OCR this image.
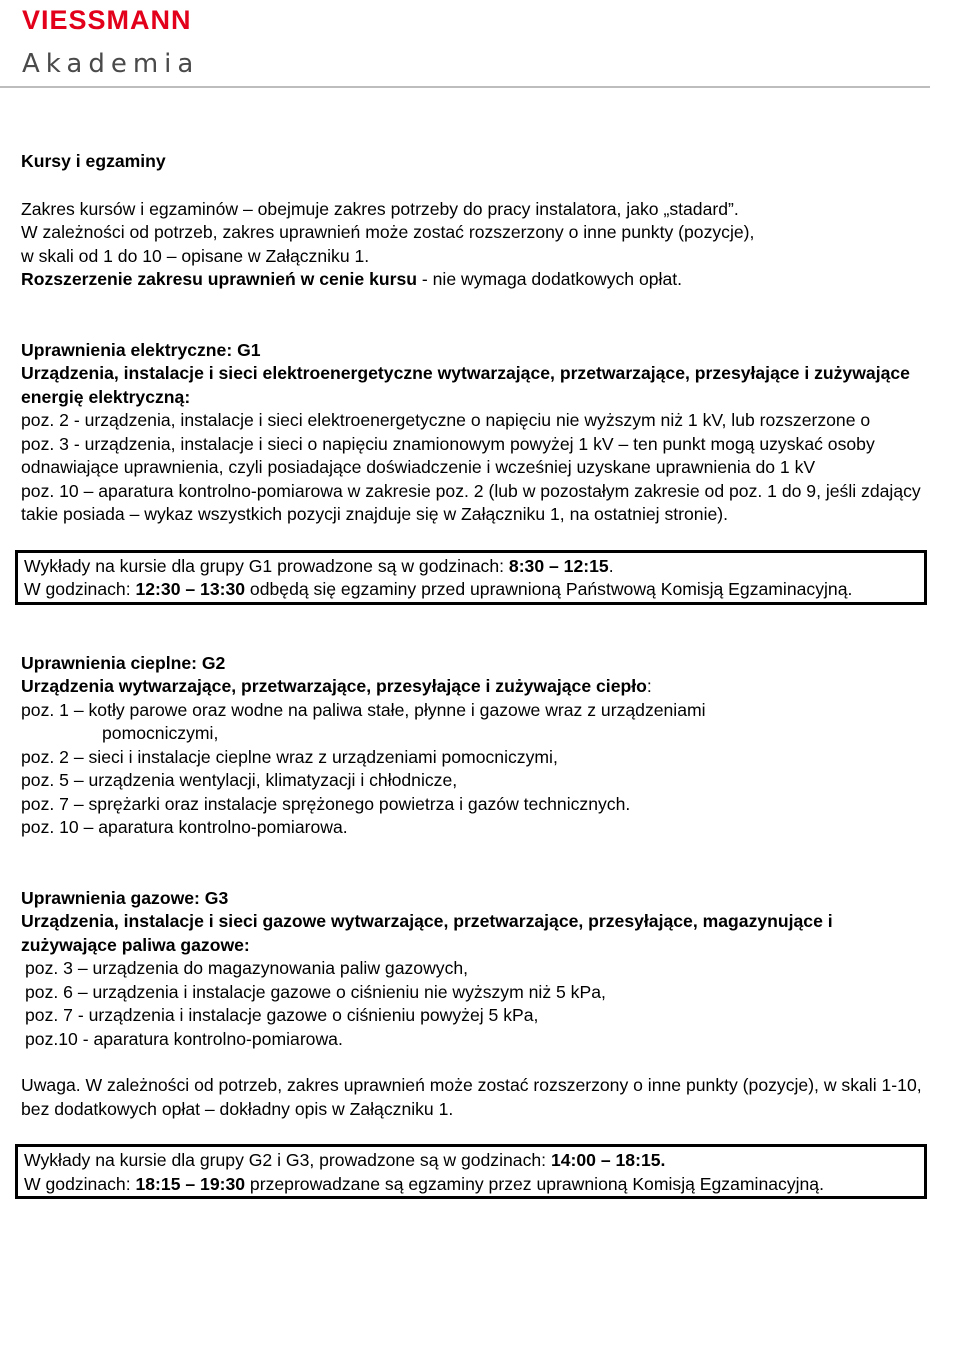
VIESSMANN
Akademia

Kursy i egzaminy

Zakres kursów i egzaminów – obejmuje zakres potrzeby do pracy instalatora, jako „stadard”.

W zależności od potrzeb, zakres uprawnień może zostać rozszerzony o inne punkty (pozycje),

w skali od 1 do 10 – opisane w Załączniku 1.

Rozszerzenie zakresu uprawnień w cenie kursu - nie wymaga dodatkowych opłat.

Uprawnienia elektryczne: G1

Urządzenia, instalacje i sieci elektroenergetyczne wytwarzające, przetwarzające, przesyłające i zużywające energię elektryczną:

poz. 2 - urządzenia, instalacje i sieci elektroenergetyczne o napięciu nie wyższym niż 1 kV, lub rozszerzone o

poz. 3 - urządzenia, instalacje i sieci o napięciu znamionowym powyżej 1 kV – ten punkt mogą uzyskać osoby odnawiające uprawnienia, czyli posiadające doświadczenie i wcześniej uzyskane uprawnienia do 1 kV

poz. 10 – aparatura kontrolno-pomiarowa w zakresie poz. 2 (lub w pozostałym zakresie od poz. 1 do 9, jeśli zdający takie posiada – wykaz wszystkich pozycji znajduje się w Załączniku 1, na ostatniej stronie).

Wykłady na kursie dla grupy G1 prowadzone są w godzinach: 8:30 – 12:15.

W godzinach: 12:30 – 13:30 odbędą się egzaminy przed uprawnioną Państwową Komisją Egzaminacyjną.

Uprawnienia cieplne: G2

Urządzenia wytwarzające, przetwarzające, przesyłające i zużywające ciepło:

poz. 1 – kotły parowe oraz wodne na paliwa stałe, płynne i gazowe wraz z urządzeniami

pomocniczymi,

poz. 2 – sieci i instalacje cieplne wraz z urządzeniami pomocniczymi,

poz. 5 – urządzenia wentylacji, klimatyzacji i chłodnicze,

poz. 7 – sprężarki oraz instalacje sprężonego powietrza i gazów technicznych.

poz. 10 – aparatura kontrolno-pomiarowa.

Uprawnienia gazowe: G3

Urządzenia, instalacje i sieci gazowe wytwarzające, przetwarzające, przesyłające, magazynujące i zużywające paliwa gazowe:

poz. 3 – urządzenia do magazynowania paliw gazowych,

poz. 6 – urządzenia i instalacje gazowe o ciśnieniu nie wyższym niż 5 kPa,

poz. 7 - urządzenia i instalacje gazowe o ciśnieniu powyżej 5 kPa,

poz.10 - aparatura kontrolno-pomiarowa.

Uwaga. W zależności od potrzeb, zakres uprawnień może zostać rozszerzony o inne punkty (pozycje), w skali 1-10, bez dodatkowych opłat – dokładny opis w Załączniku 1.

Wykłady na kursie dla grupy G2 i G3, prowadzone są w godzinach: 14:00 – 18:15.

W godzinach: 18:15 – 19:30 przeprowadzane są egzaminy przez uprawnioną Komisją Egzaminacyjną.
